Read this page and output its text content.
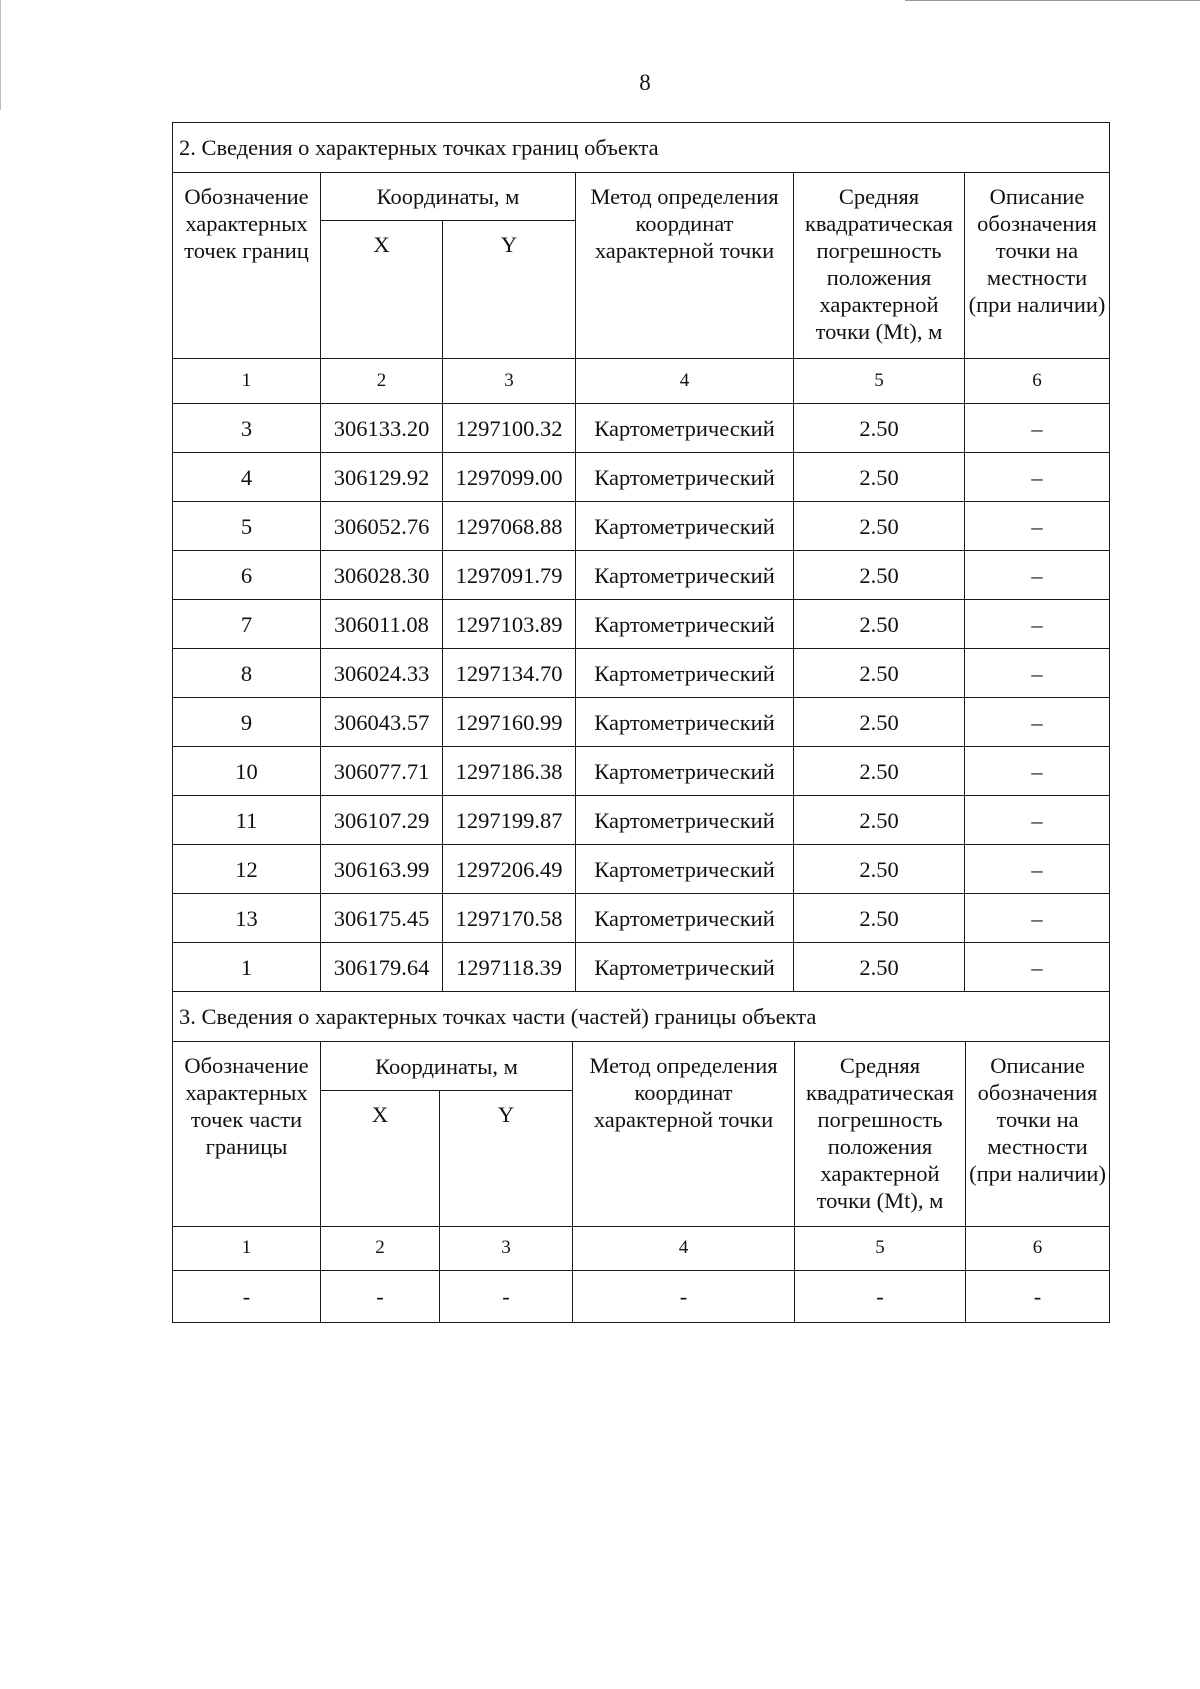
8
2. Сведения о характерных точках границ объекта					
Обозначение характерных точек границ	Координаты, м		Метод определения координат характерной точки	Средняя квадратическая погрешность положения характерной точки (Mt), м	Описание обозначения точки на местности (при наличии)
	X	Y			
1	2	3	4	5	6
3	306133.20	1297100.32	Картометрический	2.50	–
4	306129.92	1297099.00	Картометрический	2.50	–
5	306052.76	1297068.88	Картометрический	2.50	–
6	306028.30	1297091.79	Картометрический	2.50	–
7	306011.08	1297103.89	Картометрический	2.50	–
8	306024.33	1297134.70	Картометрический	2.50	–
9	306043.57	1297160.99	Картометрический	2.50	–
10	306077.71	1297186.38	Картометрический	2.50	–
11	306107.29	1297199.87	Картометрический	2.50	–
12	306163.99	1297206.49	Картометрический	2.50	–
13	306175.45	1297170.58	Картометрический	2.50	–
1	306179.64	1297118.39	Картометрический	2.50	–
3. Сведения о характерных точках части (частей) границы объекта					
Обозначение характерных точек части границы	Координаты, м		Метод определения координат характерной точки	Средняя квадратическая погрешность положения характерной точки (Mt), м	Описание обозначения точки на местности (при наличии)
	X	Y			
1	2	3	4	5	6
-	-	-	-	-	-
